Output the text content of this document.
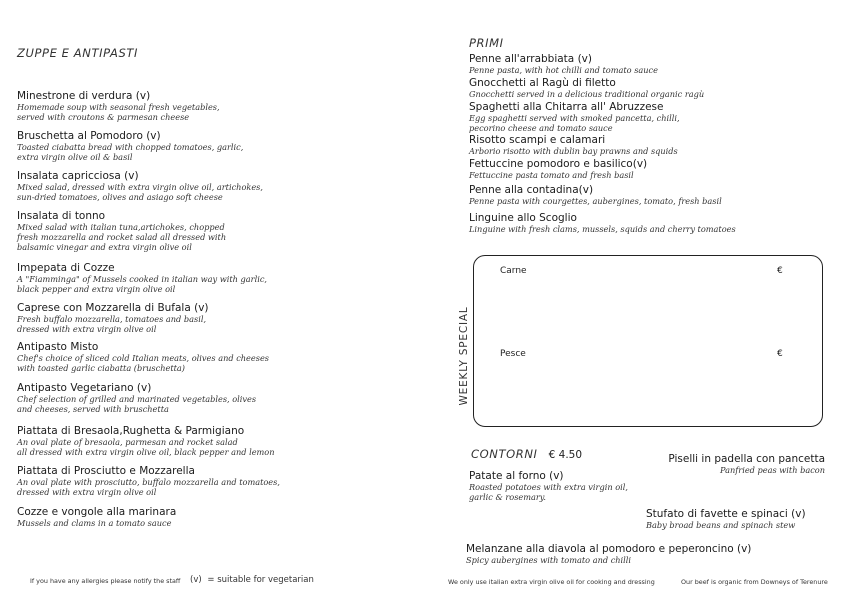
ZUPPE E ANTIPASTI
Minestrone di verdura (v)
Homemade soup with seasonal fresh vegetables,
served with croutons & parmesan cheese
Bruschetta al Pomodoro (v)
Toasted ciabatta bread with chopped tomatoes, garlic,
extra virgin olive oil & basil
Insalata capricciosa (v)
Mixed salad, dressed with extra virgin olive oil, artichokes,
sun-dried tomatoes, olives and asiago soft cheese
Insalata di tonno
Mixed salad with italian tuna,artichokes, chopped
fresh mozzarella and rocket salad all dressed with
balsamic vinegar and extra virgin olive oil
Impepata di Cozze
A "Fiamminga" of Mussels cooked in italian way with garlic,
black pepper and extra virgin olive oil
Caprese con Mozzarella di Bufala (v)
Fresh buffalo mozzarella, tomatoes and basil,
dressed with extra virgin olive oil
Antipasto Misto
Chef's choice of sliced cold Italian meats, olives and cheeses
with toasted garlic ciabatta (bruschetta)
Antipasto Vegetariano (v)
Chef selection of grilled and marinated vegetables, olives
and cheeses, served with bruschetta
Piattata di Bresaola,Rughetta & Parmigiano
An oval plate of bresaola, parmesan and rocket salad
all dressed with extra virgin olive oil, black pepper and lemon
Piattata di Prosciutto e Mozzarella
An oval plate with prosciutto, buffalo mozzarella and tomatoes,
dressed with extra virgin olive oil
Cozze e vongole alla marinara
Mussels and clams in a tomato sauce
PRIMI
Penne all'arrabbiata (v)
Penne pasta, with hot chilli and tomato sauce
Gnocchetti al Ragù di filetto
Gnocchetti served in a delicious traditional organic ragù
Spaghetti alla Chitarra all' Abruzzese
Egg spaghetti served with smoked pancetta, chilli,
pecorino cheese and tomato sauce
Risotto scampi e calamari
Arborio risotto with dublin bay prawns and squids
Fettuccine pomodoro e basilico(v)
Fettuccine pasta tomato and fresh basil
Penne alla contadina(v)
Penne pasta with courgettes, aubergines, tomato, fresh basil
Linguine allo Scoglio
Linguine with fresh clams, mussels, squids and cherry tomatoes
WEEKLY SPECIAL
Carne	€
Pesce	€
CONTORNI € 4.50
Patate al forno (v)
Roasted potatoes with extra virgin oil,
garlic & rosemary.
Piselli in padella con pancetta
Panfried peas with bacon
Stufato di favette e spinaci (v)
Baby broad beans and spinach stew
Melanzane alla diavola al pomodoro e peperoncino (v)
Spicy aubergines with tomato and chilli
If you have any allergies please notify the staff (v) = suitable for vegetarian	We only use italian extra virgin olive oil for cooking and dressing	Our beef is organic from Downeys of Terenure
